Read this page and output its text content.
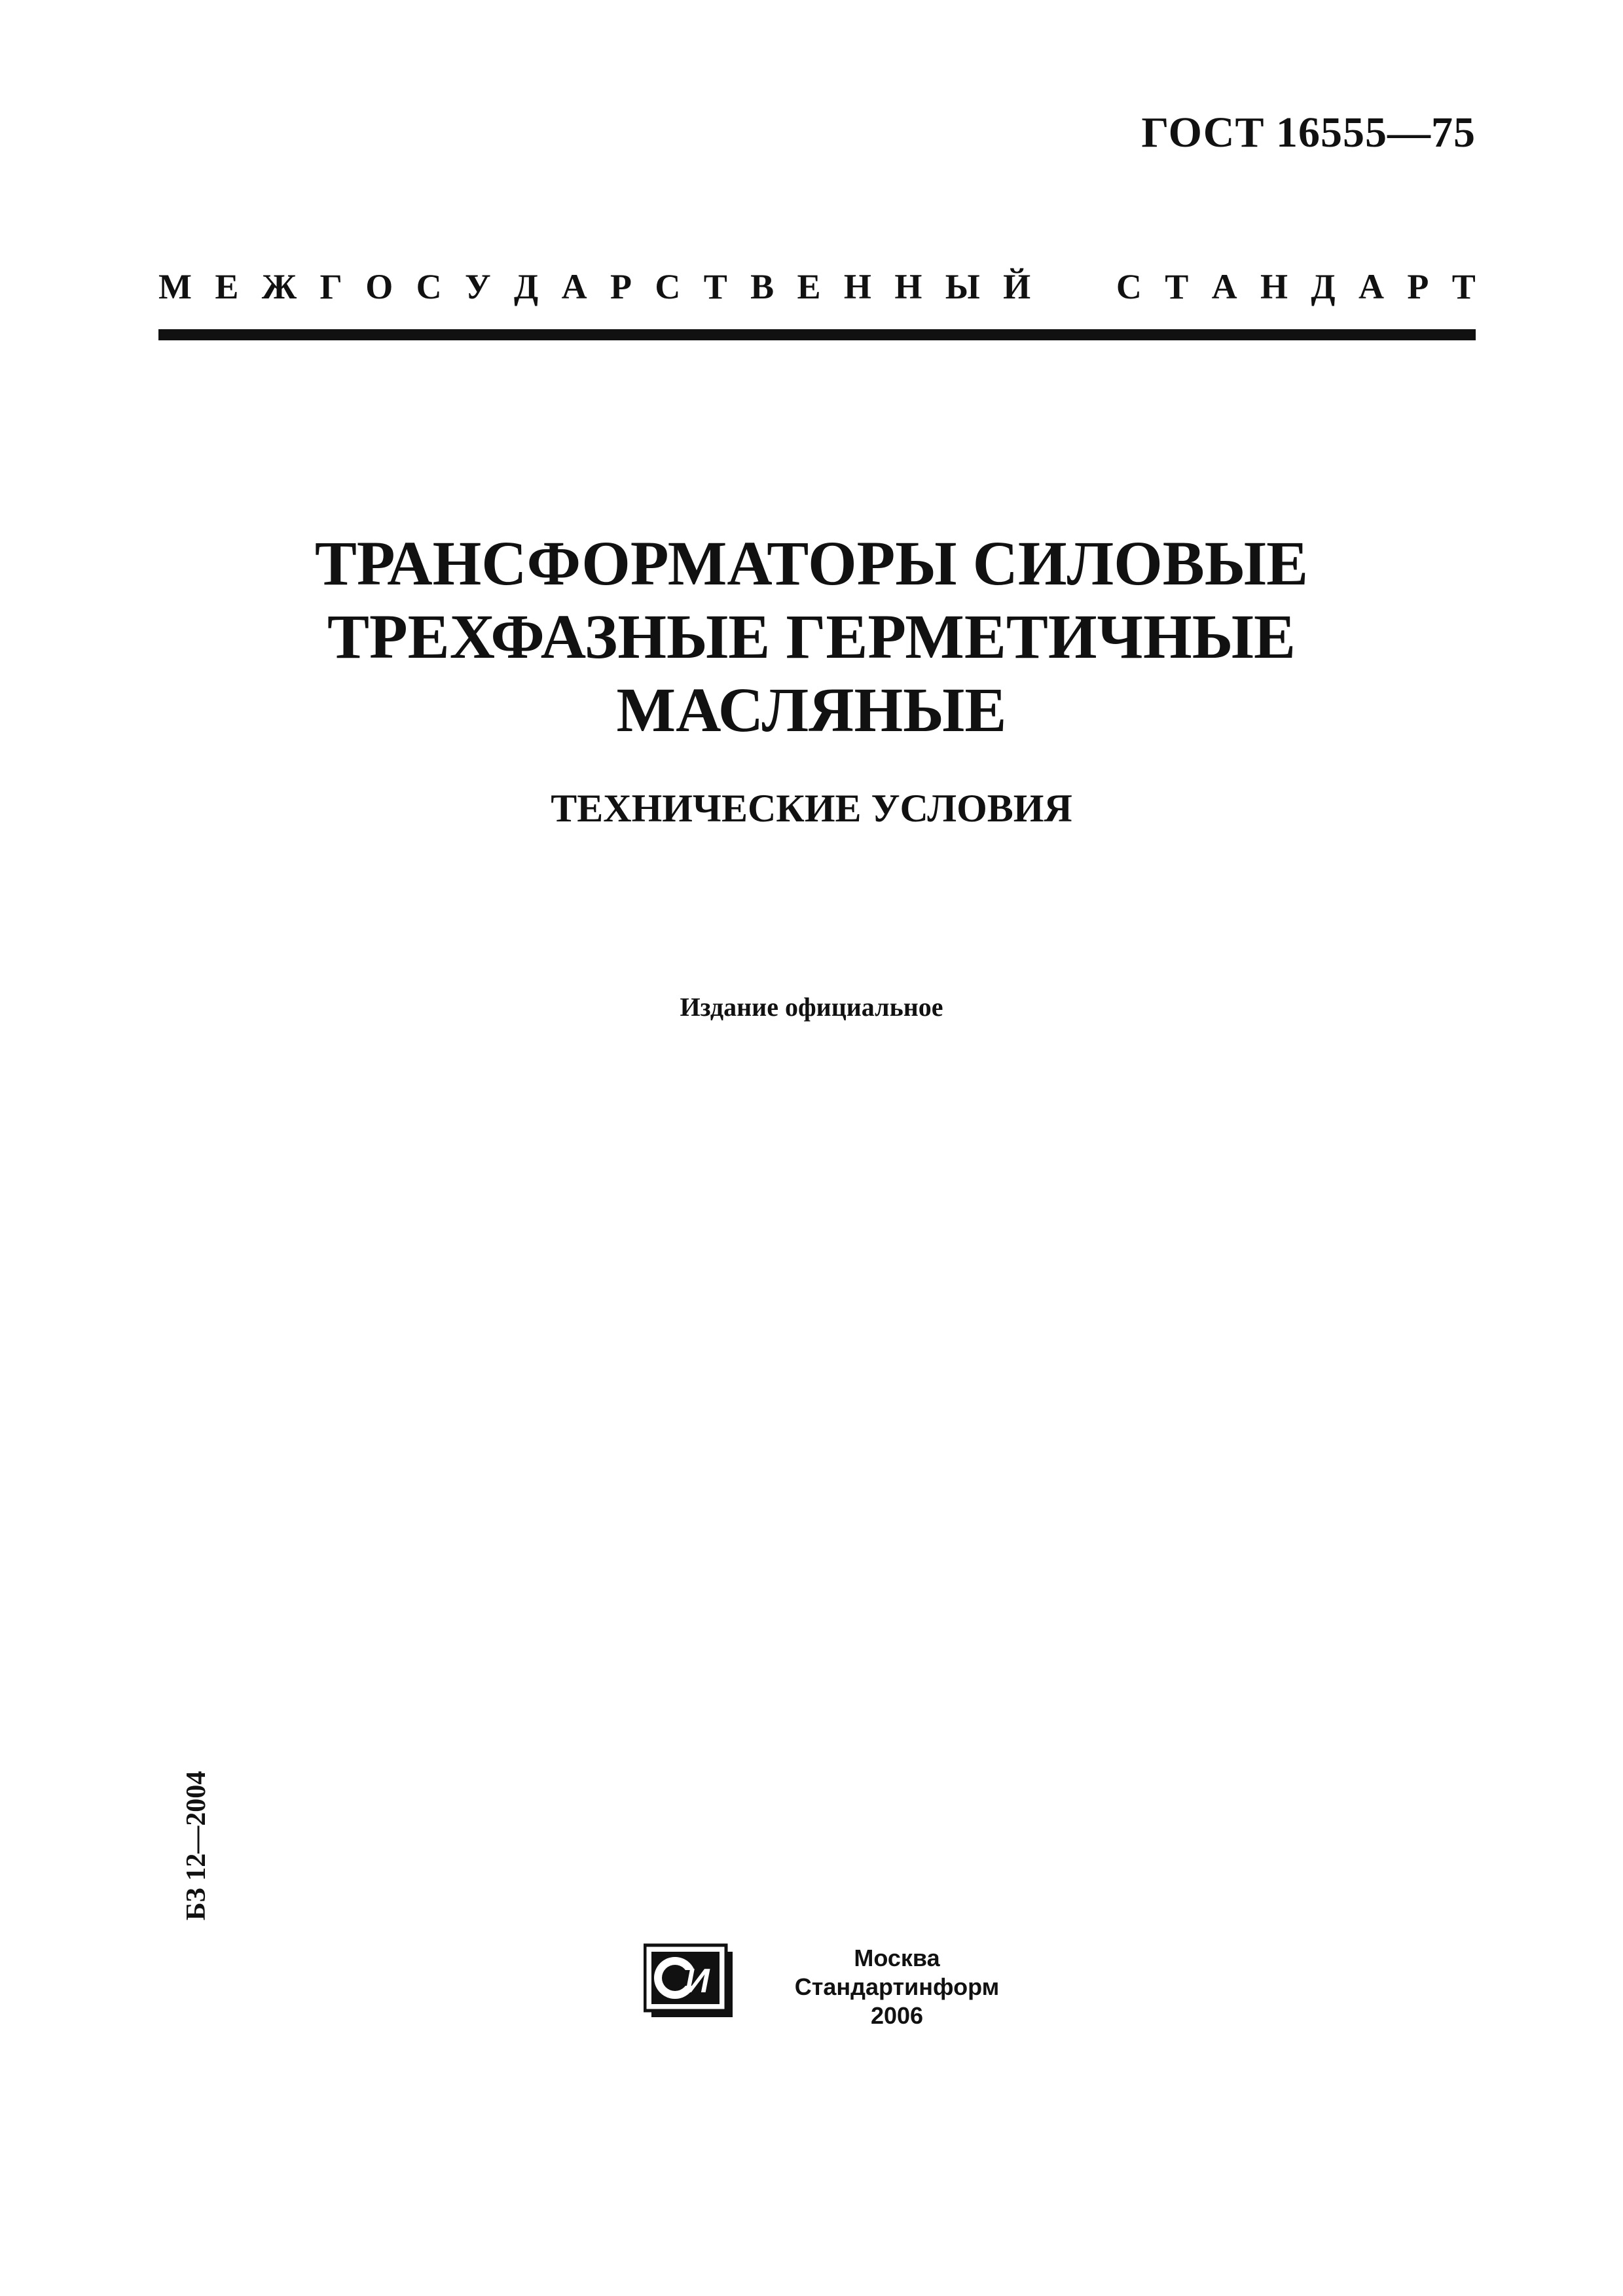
ГОСТ 16555—75
М Е Ж Г О С У Д А Р С Т В Е Н Н Ы Й С Т А Н Д А Р Т
ТРАНСФОРМАТОРЫ СИЛОВЫЕ
ТРЕХФАЗНЫЕ ГЕРМЕТИЧНЫЕ
МАСЛЯНЫЕ
ТЕХНИЧЕСКИЕ УСЛОВИЯ
Издание официальное
БЗ 12—2004
И
Москва
Стандартинформ
2006
